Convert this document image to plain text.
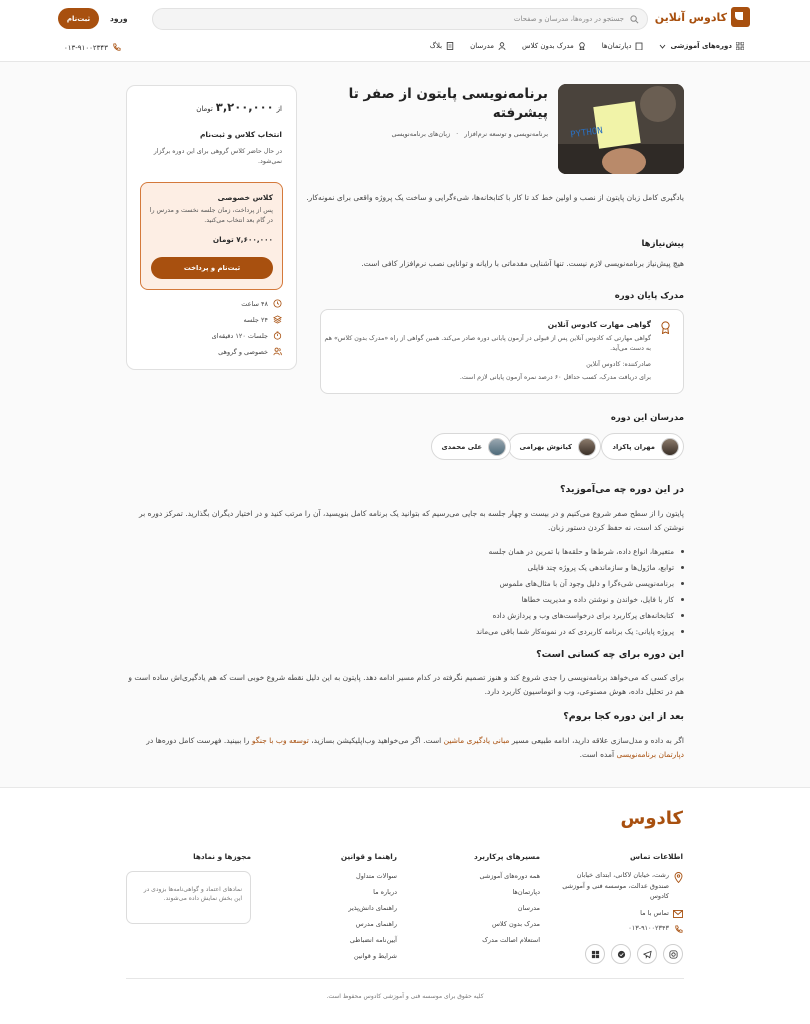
کادوس آنلاین
جستجو در دوره‌ها، مدرسان و صفحات
ورود
ثبت‌نام
دوره‌های آموزشی
دپارتمان‌ها
مدرک بدون کلاس
مدرسان
بلاگ
۰۱۳-۹۱۰۰۲۳۴۳
PYTHON
برنامه‌نویسی پایتون از صفر تا پیشرفته
برنامه‌نویسی و توسعه نرم‌افزار
·
زبان‌های برنامه‌نویسی

یادگیری کامل زبان پایتون از نصب و اولین خط کد تا کار با کتابخانه‌ها، شیء‌گرایی و ساخت یک پروژه واقعی برای نمونه‌کار.

پیش‌نیازها

هیچ پیش‌نیاز برنامه‌نویسی لازم نیست. تنها آشنایی مقدماتی با رایانه و توانایی نصب نرم‌افزار کافی است.

مدرک پایان دوره
گواهی مهارت کادوس آنلاین
گواهی مهارتی که کادوس آنلاین پس از قبولی در آزمون پایانی دوره صادر می‌کند. همین گواهی از راه «مدرک بدون کلاس» هم به دست می‌آید.
صادرکننده: کادوس آنلاین
برای دریافت مدرک، کسب حداقل ۶۰ درصد نمره آزمون پایانی لازم است.
مدرسان این دوره
مهران پاکزاد
کیانوش بهرامی
علی محمدی
در این دوره چه می‌آموزید؟

پایتون را از سطح صفر شروع می‌کنیم و در بیست و چهار جلسه به جایی می‌رسیم که بتوانید یک برنامه کامل بنویسید، آن را مرتب کنید و در اختیار دیگران بگذارید. تمرکز دوره بر نوشتن کد است، نه حفظ کردن دستور زبان.

متغیرها، انواع داده، شرط‌ها و حلقه‌ها با تمرین در همان جلسه
توابع، ماژول‌ها و سازماندهی یک پروژه چند فایلی
برنامه‌نویسی شیء‌گرا و دلیل وجود آن با مثال‌های ملموس
کار با فایل، خواندن و نوشتن داده و مدیریت خطاها
کتابخانه‌های پرکاربرد برای درخواست‌های وب و پردازش داده
پروژه پایانی: یک برنامه کاربردی که در نمونه‌کار شما باقی می‌ماند
این دوره برای چه کسانی است؟

برای کسی که می‌خواهد برنامه‌نویسی را جدی شروع کند و هنوز تصمیم نگرفته در کدام مسیر ادامه دهد. پایتون به این دلیل نقطه شروع خوبی است که هم یادگیری‌اش ساده است و هم در تحلیل داده، هوش مصنوعی، وب و اتوماسیون کاربرد دارد.

بعد از این دوره کجا بروم؟

اگر به داده و مدل‌سازی علاقه دارید، ادامه طبیعی مسیر مبانی یادگیری ماشین است. اگر می‌خواهید وب‌اپلیکیشن بسازید، توسعه وب با جنگو را ببینید. فهرست کامل دوره‌ها در دپارتمان برنامه‌نویسی آمده است.

از
۳,۲۰۰,۰۰۰
تومان
انتخاب کلاس و ثبت‌نام
در حال حاضر کلاس گروهی برای این دوره برگزار نمی‌شود.
کلاس خصوصی
پس از پرداخت، زمان جلسه نخست و مدرس را در گام بعد انتخاب می‌کنید.
۷,۶۰۰,۰۰۰ تومان
ثبت‌نام و پرداخت
۴۸ ساعت
۲۴ جلسه
جلسات ۱۲۰ دقیقه‌ای
خصوصی و گروهی
کادوس
اطلاعات تماس
رشت، خیابان لاکانی، ابتدای خیابان صندوق عدالت، موسسه فنی و آموزشی کادوس
تماس با ما
۰۱۳-۹۱۰۰۲۳۴۳
مسیرهای پرکاربرد
همه دوره‌های آموزشی
دپارتمان‌ها
مدرسان
مدرک بدون کلاس
استعلام اصالت مدرک
راهنما و قوانین
سوالات متداول
درباره ما
راهنمای دانش‌پذیر
راهنمای مدرس
آیین‌نامه انضباطی
شرایط و قوانین
مجوزها و نمادها
نمادهای اعتماد و گواهی‌نامه‌ها بزودی در این بخش نمایش داده می‌شوند.
کلیه حقوق برای موسسه فنی و آموزشی کادوس محفوظ است.
